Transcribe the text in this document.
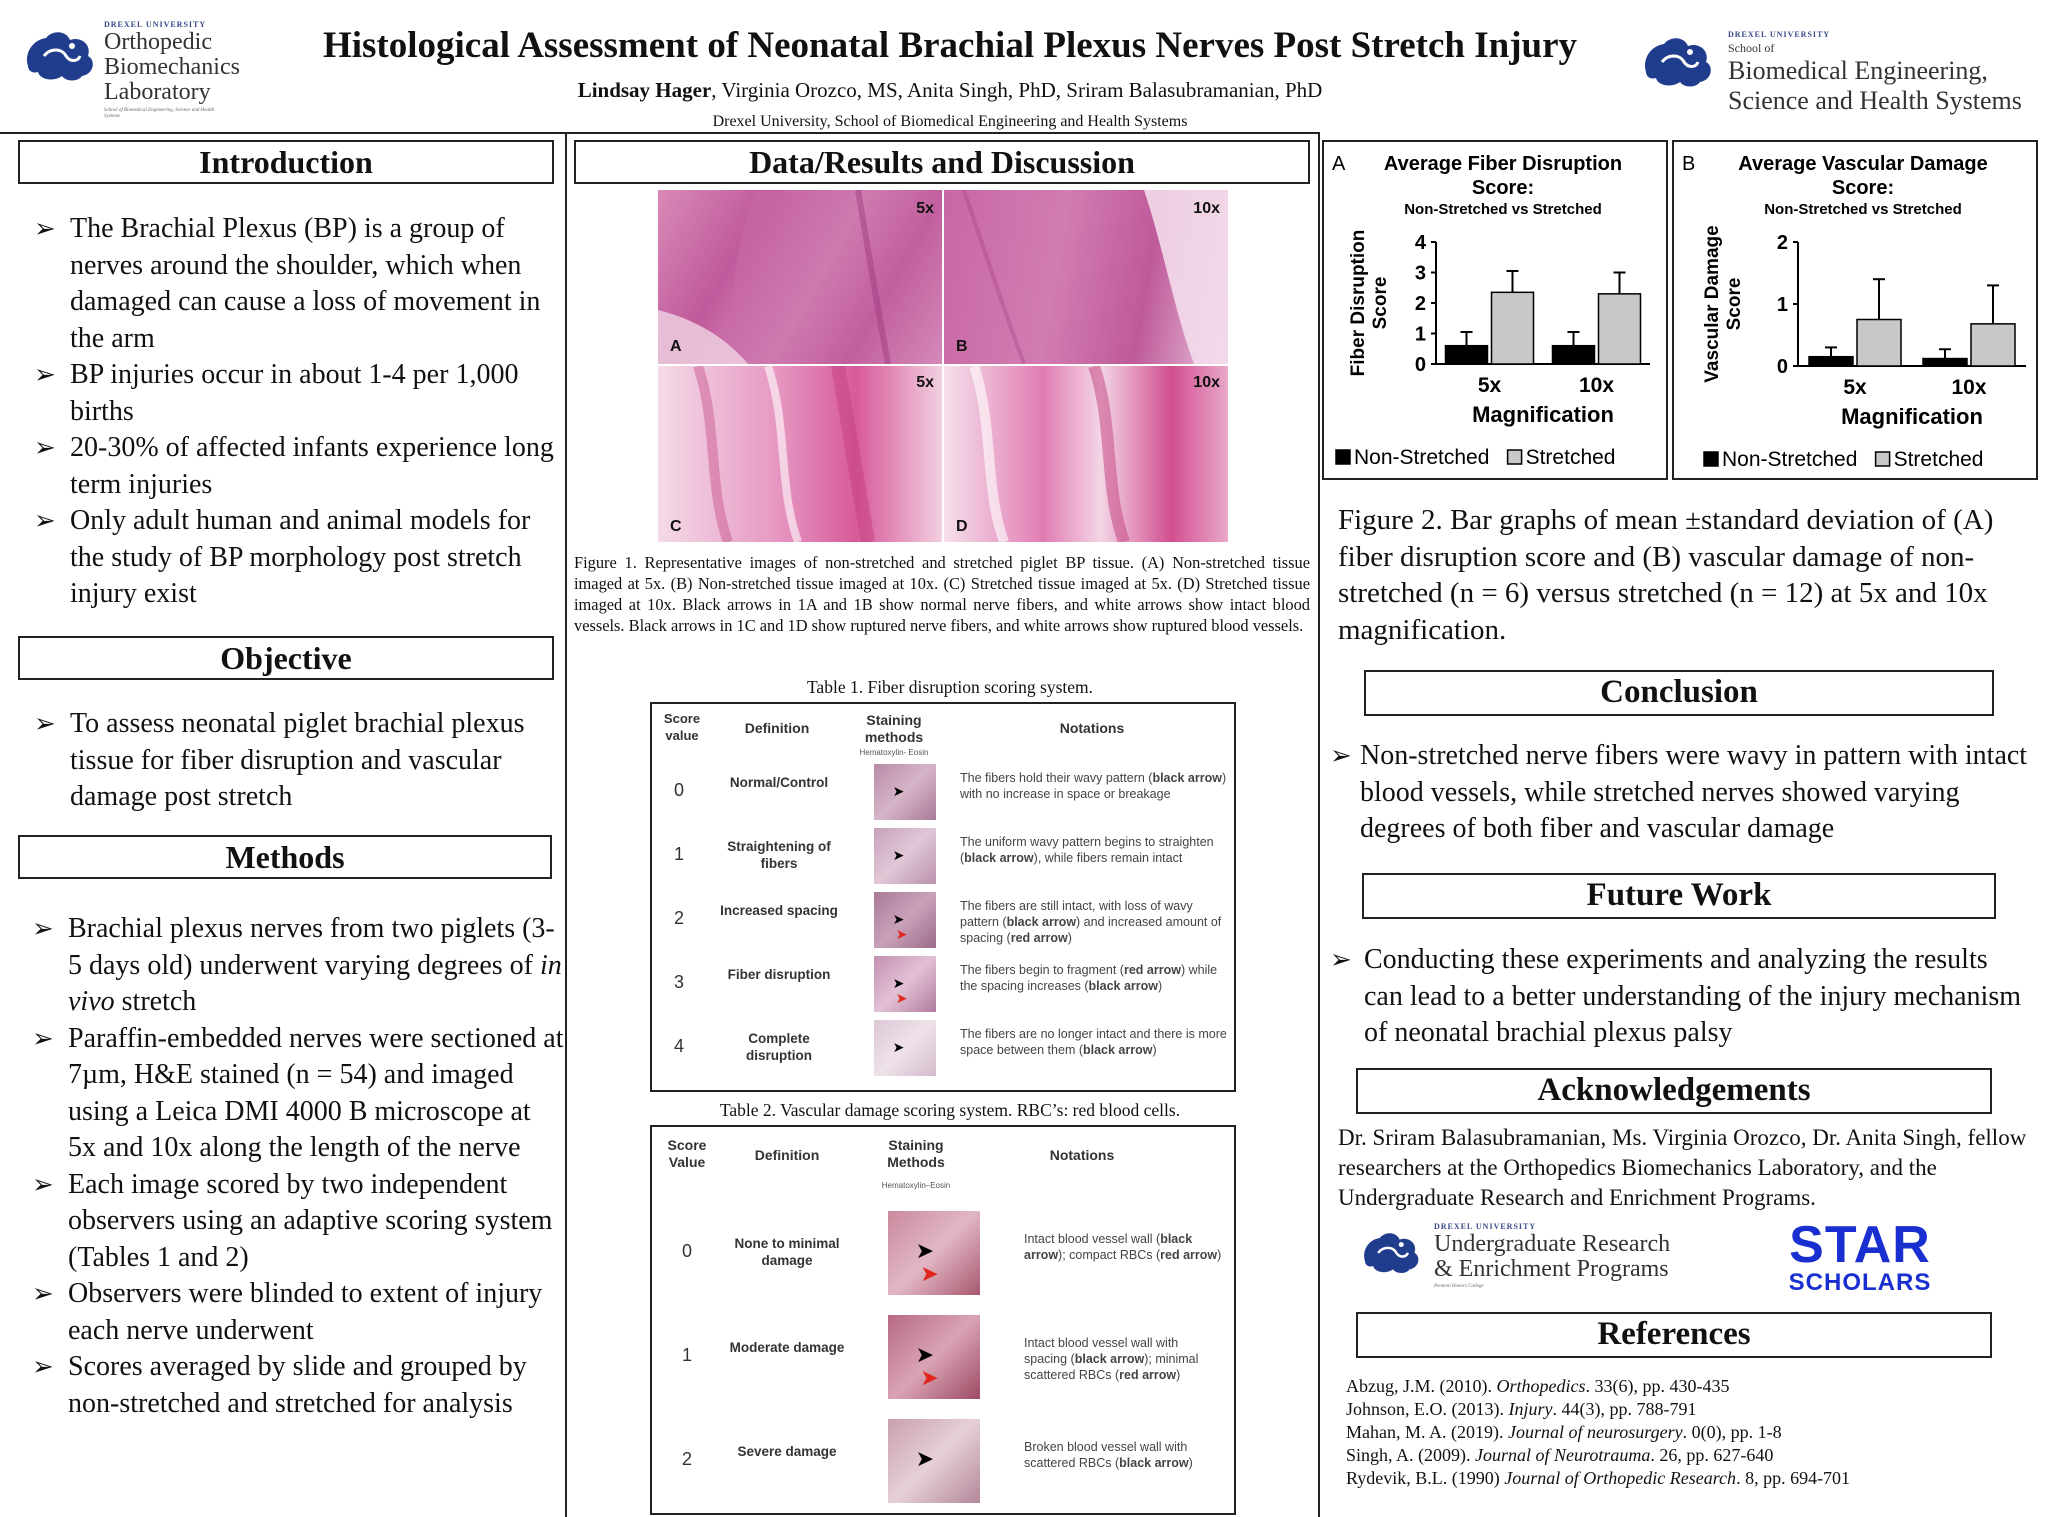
DREXEL UNIVERSITY
Orthopedic
Biomechanics
Laboratory
School of Biomedical Engineering, Science and Health Systems
Histological Assessment of Neonatal Brachial Plexus Nerves Post Stretch Injury
Lindsay Hager, Virginia Orozco, MS, Anita Singh, PhD, Sriram Balasubramanian, PhD
Drexel University, School of Biomedical Engineering and Health Systems
DREXEL UNIVERSITY
School of
Biomedical Engineering,
Science and Health Systems
Introduction
➢ The Brachial Plexus (BP) is a group of nerves around the shoulder, which when damaged can cause a loss of movement in the arm
➢ BP injuries occur in about 1-4 per 1,000 births
➢ 20-30% of affected infants experience long term injuries
➢ Only adult human and animal models for the study of BP morphology post stretch injury exist
Objective
➢ To assess neonatal piglet brachial plexus tissue for fiber disruption and vascular damage post stretch
Methods
➢ Brachial plexus nerves from two piglets (3-5 days old) underwent varying degrees of in vivo stretch
➢ Paraffin-embedded nerves were sectioned at 7µm, H&E stained (n = 54) and imaged using a Leica DMI 4000 B microscope at 5x and 10x along the length of the nerve
➢ Each image scored by two independent observers using an adaptive scoring system (Tables 1 and 2)
➢ Observers were blinded to extent of injury each nerve underwent
➢ Scores averaged by slide and grouped by non-stretched and stretched for analysis
Data/Results and Discussion
5x
A
10x
B
5x
C
10x
D
Figure 1. Representative images of non-stretched and stretched piglet BP tissue. (A) Non-stretched tissue imaged at 5x. (B) Non-stretched tissue imaged at 10x. (C) Stretched tissue imaged at 5x. (D) Stretched tissue imaged at 10x. Black arrows in 1A and 1B show normal nerve fibers, and white arrows show intact blood vessels. Black arrows in 1C and 1D show ruptured nerve fibers, and white arrows show ruptured blood vessels.
Table 1. Fiber disruption scoring system.
Score value	Definition	Staining methods
Hematoxylin- Eosin
Notations
0	Normal/Control
➤
The fibers hold their wavy pattern (black arrow) with no increase in space or breakage
1	Straightening of fibers
➤
The uniform wavy pattern begins to straighten (black arrow), while fibers remain intact
2	Increased spacing
➤
➤
The fibers are still intact, with loss of wavy pattern (black arrow) and increased amount of spacing (red arrow)
3	Fiber disruption
➤
➤
The fibers begin to fragment (red arrow) while the spacing increases (black arrow)
4	Complete disruption
➤
The fibers are no longer intact and there is more space between them (black arrow)
Table 2. Vascular damage scoring system. RBC’s: red blood cells.
Score Value	Definition
Staining Methods
Hematoxylin–Eosin
Notations
0	None to minimal damage	➤
➤
Intact blood vessel wall (black arrow); compact RBCs (red arrow)
1	Moderate damage	➤
➤
Intact blood vessel wall with spacing (black arrow); minimal scattered RBCs (red arrow)
2	Severe damage	➤	Broken blood vessel wall with scattered RBCs (black arrow)
A Average Fiber Disruption
Score:
Non-Stretched vs Stretched
0
1
2
3
4
Fiber Disruption Score
5x	10x
Magnification
Non-Stretched Stretched
B Average Vascular Damage
Score:
Non-Stretched vs Stretched
0
1
2
Vascular Damage Score
5x	10x
Magnification
Non-Stretched Stretched
Figure 2. Bar graphs of mean ±standard deviation of (A) fiber disruption score and (B) vascular damage of non-stretched (n = 6) versus stretched (n = 12) at 5x and 10x magnification.
Conclusion
➢ Non-stretched nerve fibers were wavy in pattern with intact blood vessels, while stretched nerves showed varying degrees of both fiber and vascular damage
Future Work
➢ Conducting these experiments and analyzing the results can lead to a better understanding of the injury mechanism of neonatal brachial plexus palsy
Acknowledgements
Dr. Sriram Balasubramanian, Ms. Virginia Orozco, Dr. Anita Singh, fellow researchers at the Orthopedics Biomechanics Laboratory, and the Undergraduate Research and Enrichment Programs.
DREXEL UNIVERSITY
Undergraduate Research
& Enrichment Programs
Pennoni Honors College
STAR
SCHOLARS
References
Abzug, J.M. (2010). Orthopedics. 33(6), pp. 430-435
Johnson, E.O. (2013). Injury. 44(3), pp. 788-791
Mahan, M. A. (2019). Journal of neurosurgery. 0(0), pp. 1-8
Singh, A. (2009). Journal of Neurotrauma. 26, pp. 627-640
Rydevik, B.L. (1990) Journal of Orthopedic Research. 8, pp. 694-701
